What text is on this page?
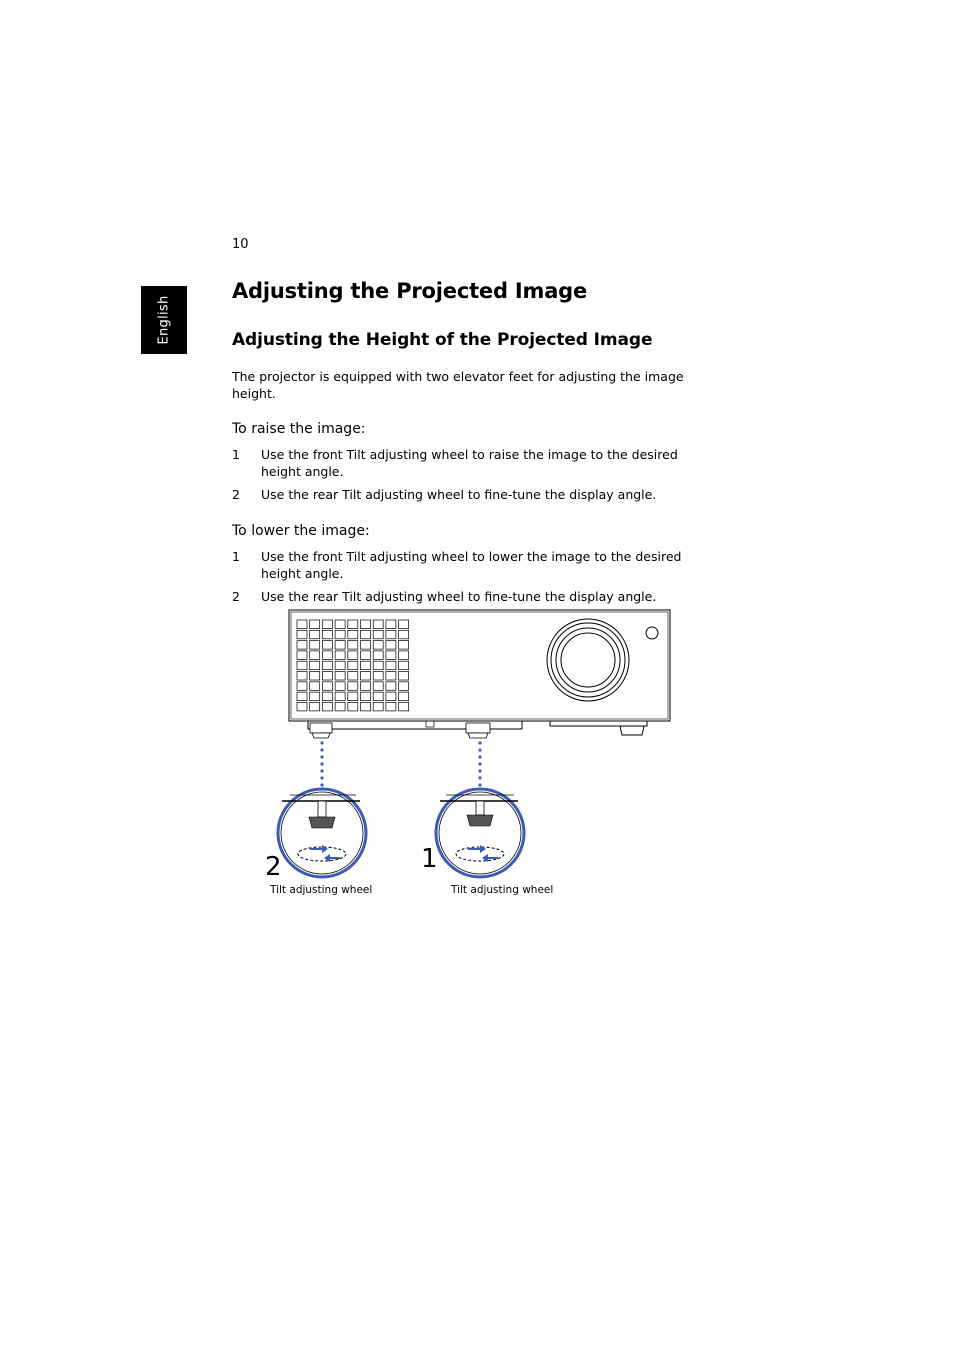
10
English
Adjusting the Projected Image
Adjusting the Height of the Projected Image
The projector is equipped with two elevator feet for adjusting the image height.
To raise the image:
1 Use the front Tilt adjusting wheel to raise the image to the desired height angle.
2 Use the rear Tilt adjusting wheel to fine-tune the display angle.
To lower the image:
1 Use the front Tilt adjusting wheel to lower the image to the desired height angle.
2 Use the rear Tilt adjusting wheel to fine-tune the display angle.
2	1
Tilt adjusting wheel	Tilt adjusting wheel
